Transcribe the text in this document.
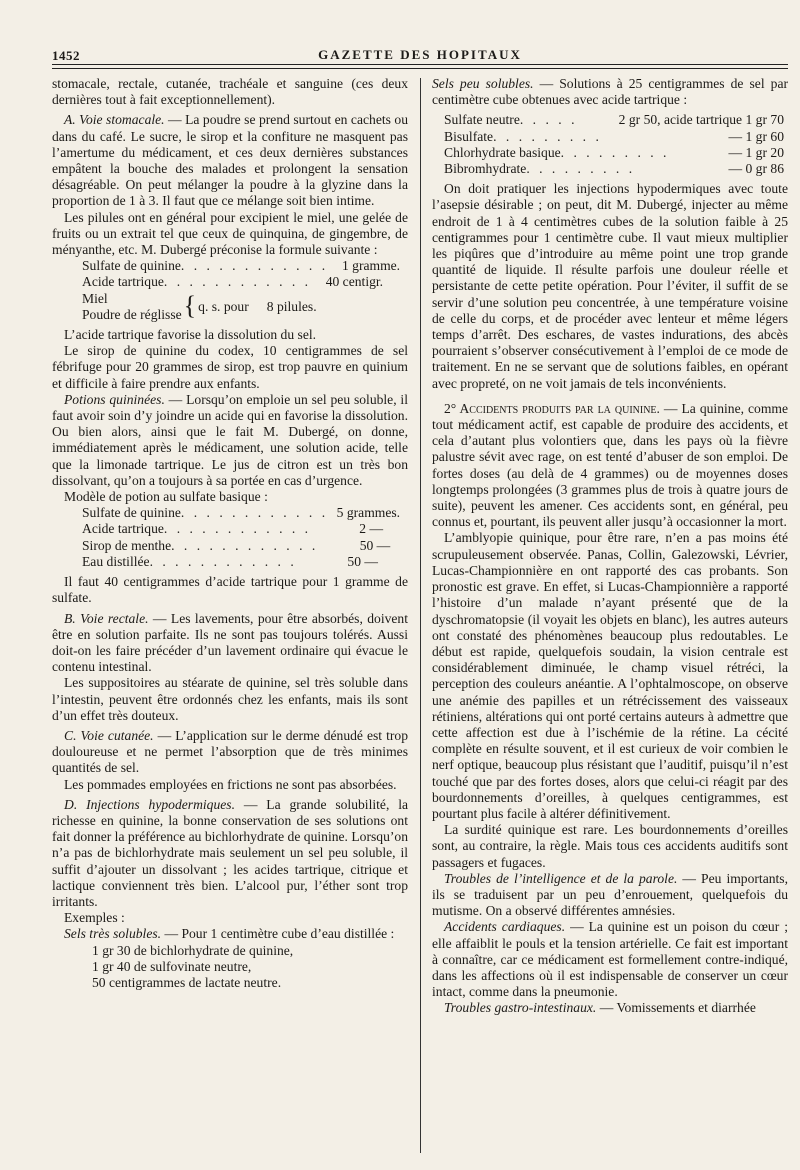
1452	GAZETTE DES HOPITAUX

stomacale, rectale, cutanée, trachéale et sanguine (ces deux dernières tout à fait exceptionnellement).

A. Voie stomacale. — La poudre se prend surtout en cachets ou dans du café. Le sucre, le sirop et la confiture ne masquent pas l’amertume du médicament, et ces deux dernières substances empâtent la bouche des malades et prolongent la sensation désagréable. On peut mélanger la poudre à la glyzine dans la proportion de 1 à 3. Il faut que ce mélange soit bien intime.

Les pilules ont en général pour excipient le miel, une gelée de fruits ou un extrait tel que ceux de quinquina, de gingembre, de ményanthe, etc. M. Dubergé préconise la formule suivante :

Sulfate de quinine . . . . . . . . . . . .	1 gramme.
Acide tartrique . . . . . . . . . . . .	40 centigr.
Miel
Poudre de réglisse { q. s. pour 8 pilules.

L’acide tartrique favorise la dissolution du sel.

Le sirop de quinine du codex, 10 centigrammes de sel fébrifuge pour 20 grammes de sirop, est trop pauvre en quinium et difficile à faire prendre aux enfants.

Potions quininées. — Lorsqu’on emploie un sel peu soluble, il faut avoir soin d’y joindre un acide qui en favorise la dissolution. Ou bien alors, ainsi que le fait M. Dubergé, on donne, immédiatement après le médicament, une solution acide, telle que la limonade tartrique. Le jus de citron est un très bon dissolvant, qu’on a toujours à sa portée en cas d’urgence.

Modèle de potion au sulfate basique :

Sulfate de quinine . . . . . . . . . . . . 5 grammes.
Acide tartrique . . . . . . . . . . . .	2 —
Sirop de menthe . . . . . . . . . . . .	50 —
Eau distillée . . . . . . . . . . . .	50 —

Il faut 40 centigrammes d’acide tartrique pour 1 gramme de sulfate.

B. Voie rectale. — Les lavements, pour être absorbés, doivent être en solution parfaite. Ils ne sont pas toujours tolérés. Aussi doit-on les faire précéder d’un lavement ordinaire qui évacue le contenu intestinal.

Les suppositoires au stéarate de quinine, sel très soluble dans l’intestin, peuvent être ordonnés chez les enfants, mais ils sont d’un effet très douteux.

C. Voie cutanée. — L’application sur le derme dénudé est trop douloureuse et ne permet l’absorption que de très minimes quantités de sel.

Les pommades employées en frictions ne sont pas absorbées.

D. Injections hypodermiques. — La grande solubilité, la richesse en quinine, la bonne conservation de ses solutions ont fait donner la préférence au bichlorhydrate de quinine. Lorsqu’on n’a pas de bichlorhydrate mais seulement un sel peu soluble, il suffit d’ajouter un dissolvant ; les acides tartrique, citrique et lactique conviennent très bien. L’alcool pur, l’éther sont trop irritants.

Exemples :

Sels très solubles. — Pour 1 centimètre cube d’eau distillée :

1 gr 30 de bichlorhydrate de quinine,
1 gr 40 de sulfovinate neutre,
50 centigrammes de lactate neutre.

Sels peu solubles. — Solutions à 25 centigrammes de sel par centimètre cube obtenues avec acide tartrique :

Sulfate neutre . . . . .	2 gr 50, acide tartrique 1 gr 70
Bisulfate . . . . . . . . .	— 1 gr 60
Chlorhydrate basique . . . . . . . . .	— 1 gr 20
Bibromhydrate . . . . . . . . .	— 0 gr 86

On doit pratiquer les injections hypodermiques avec toute l’asepsie désirable ; on peut, dit M. Dubergé, injecter au même endroit de 1 à 4 centimètres cubes de la solution faible à 25 centigrammes pour 1 centimètre cube. Il vaut mieux multiplier les piqûres que d’introduire au même point une trop grande quantité de liquide. Il résulte parfois une douleur réelle et persistante de cette petite opération. Pour l’éviter, il suffit de se servir d’une solution peu concentrée, à une température voisine de celle du corps, et de procéder avec lenteur et même légers temps d’arrêt. Des eschares, de vastes indurations, des abcès pourraient s’observer consécutivement à l’emploi de ce mode de traitement. En ne se servant que de solutions faibles, en opérant avec propreté, on ne voit jamais de tels inconvénients.

2° Accidents produits par la quinine. — La quinine, comme tout médicament actif, est capable de produire des accidents, et cela d’autant plus volontiers que, dans les pays où la fièvre palustre sévit avec rage, on est tenté d’abuser de son emploi. De fortes doses (au delà de 4 grammes) ou de moyennes doses longtemps prolongées (3 grammes plus de trois à quatre jours de suite), peuvent les amener. Ces accidents sont, en général, peu connus et, pourtant, ils peuvent aller jusqu’à occasionner la mort.

L’amblyopie quinique, pour être rare, n’en a pas moins été scrupuleusement observée. Panas, Collin, Galezowski, Lévrier, Lucas-Championnière en ont rapporté des cas probants. Son pronostic est grave. En effet, si Lucas-Championnière a rapporté l’histoire d’un malade n’ayant présenté que de la dyschromatopsie (il voyait les objets en blanc), les autres auteurs ont constaté des phénomènes beaucoup plus redoutables. Le début est rapide, quelquefois soudain, la vision centrale est considérablement diminuée, le champ visuel rétréci, la perception des couleurs anéantie. A l’ophtalmoscope, on observe une anémie des papilles et un rétrécissement des vaisseaux rétiniens, altérations qui ont porté certains auteurs à admettre que cette affection est due à l’ischémie de la rétine. La cécité complète en résulte souvent, et il est curieux de voir combien le nerf optique, beaucoup plus résistant que l’auditif, puisqu’il n’est touché que par des fortes doses, alors que celui-ci réagit par des bourdonnements d’oreilles, à quelques centigrammes, est pourtant plus facile à altérer définitivement.

La surdité quinique est rare. Les bourdonnements d’oreilles sont, au contraire, la règle. Mais tous ces accidents auditifs sont passagers et fugaces.

Troubles de l’intelligence et de la parole. — Peu importants, ils se traduisent par un peu d’enrouement, quelquefois du mutisme. On a observé différentes amnésies.

Accidents cardiaques. — La quinine est un poison du cœur ; elle affaiblit le pouls et la tension artérielle. Ce fait est important à connaître, car ce médicament est formellement contre-indiqué, dans les affections où il est indispensable de conserver un cœur intact, comme dans la pneumonie.

Troubles gastro-intestinaux. — Vomissements et diarrhée
